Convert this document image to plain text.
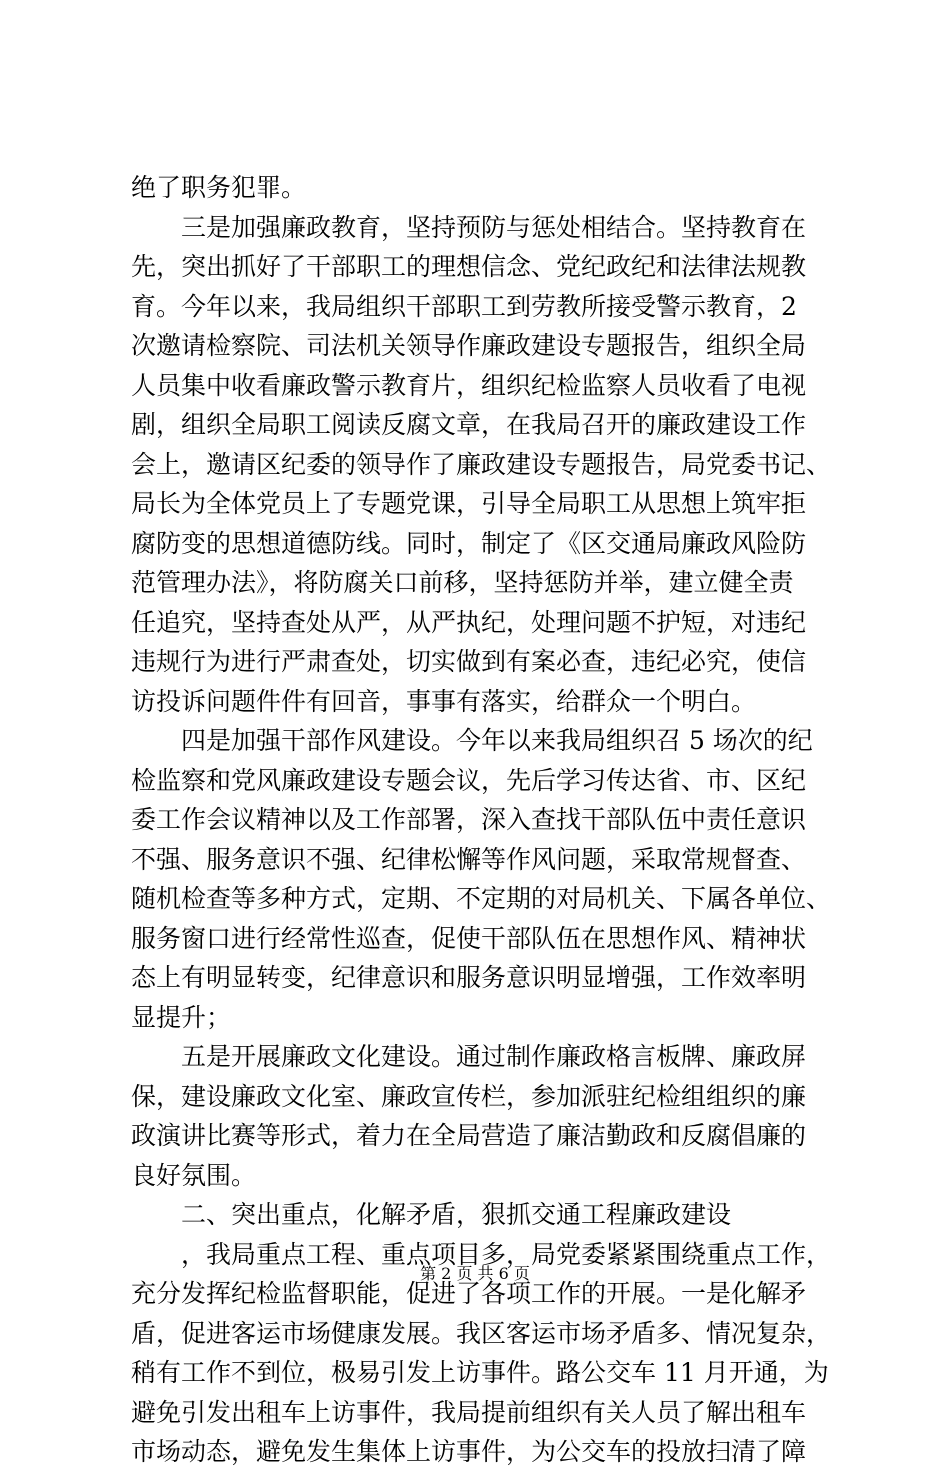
绝了职务犯罪。
　　三是加强廉政教育，坚持预防与惩处相结合。坚持教育在
先，突出抓好了干部职工的理想信念、党纪政纪和法律法规教
育。今年以来，我局组织干部职工到劳教所接受警示教育，2
次邀请检察院、司法机关领导作廉政建设专题报告，组织全局
人员集中收看廉政警示教育片，组织纪检监察人员收看了电视
剧，组织全局职工阅读反腐文章，在我局召开的廉政建设工作
会上，邀请区纪委的领导作了廉政建设专题报告，局党委书记、
局长为全体党员上了专题党课，引导全局职工从思想上筑牢拒
腐防变的思想道德防线。同时，制定了《区交通局廉政风险防
范管理办法》，将防腐关口前移，坚持惩防并举，建立健全责
任追究，坚持查处从严，从严执纪，处理问题不护短，对违纪
违规行为进行严肃查处，切实做到有案必查，违纪必究，使信
访投诉问题件件有回音，事事有落实，给群众一个明白。
　　四是加强干部作风建设。今年以来我局组织召 5 场次的纪
检监察和党风廉政建设专题会议，先后学习传达省、市、区纪
委工作会议精神以及工作部署，深入查找干部队伍中责任意识
不强、服务意识不强、纪律松懈等作风问题，采取常规督查、
随机检查等多种方式，定期、不定期的对局机关、下属各单位、
服务窗口进行经常性巡查，促使干部队伍在思想作风、精神状
态上有明显转变，纪律意识和服务意识明显增强，工作效率明
显提升；
　　五是开展廉政文化建设。通过制作廉政格言板牌、廉政屏
保，建设廉政文化室、廉政宣传栏，参加派驻纪检组组织的廉
政演讲比赛等形式，着力在全局营造了廉洁勤政和反腐倡廉的
良好氛围。
　　二、突出重点，化解矛盾，狠抓交通工程廉政建设
　　，我局重点工程、重点项目多，局党委紧紧围绕重点工作，
充分发挥纪检监督职能，促进了各项工作的开展。一是化解矛
盾，促进客运市场健康发展。我区客运市场矛盾多、情况复杂，
稍有工作不到位，极易引发上访事件。路公交车 11 月开通，为
避免引发出租车上访事件，我局提前组织有关人员了解出租车
市场动态，避免发生集体上访事件，为公交车的投放扫清了障
第 2 页 共 6 页
